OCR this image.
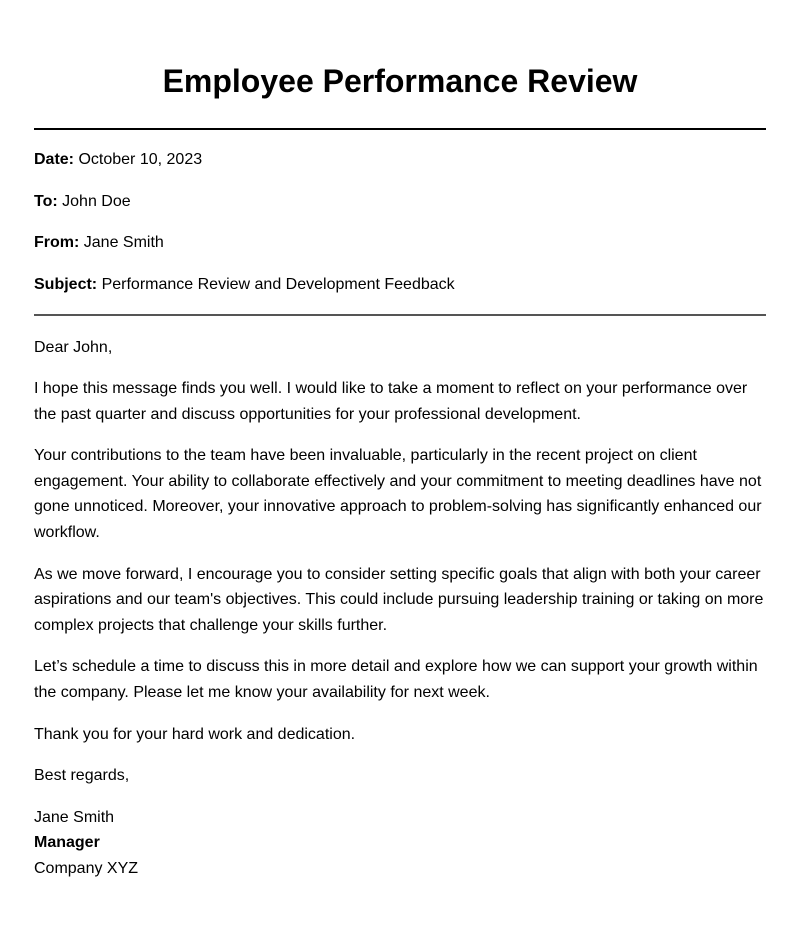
Employee Performance Review
Date: October 10, 2023
To: John Doe
From: Jane Smith
Subject: Performance Review and Development Feedback

Dear John,

I hope this message finds you well. I would like to take a moment to reflect on your performance over the past quarter and discuss opportunities for your professional development.

Your contributions to the team have been invaluable, particularly in the recent project on client engagement. Your ability to collaborate effectively and your commitment to meeting deadlines have not gone unnoticed. Moreover, your innovative approach to problem-solving has significantly enhanced our workflow.

As we move forward, I encourage you to consider setting specific goals that align with both your career aspirations and our team's objectives. This could include pursuing leadership training or taking on more complex projects that challenge your skills further.

Let’s schedule a time to discuss this in more detail and explore how we can support your growth within the company. Please let me know your availability for next week.

Thank you for your hard work and dedication.

Best regards,

Jane Smith
Manager
Company XYZ
